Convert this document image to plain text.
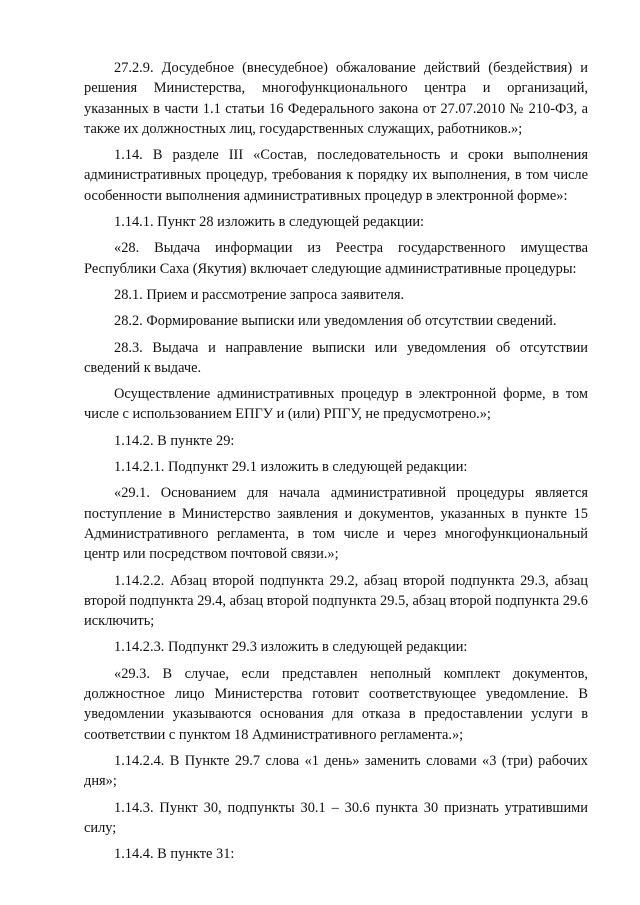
27.2.9. Досудебное (внесудебное) обжалование действий (бездействия) и решения Министерства, многофункционального центра и организаций, указанных в части 1.1 статьи 16 Федерального закона от 27.07.2010 № 210-ФЗ, а также их должностных лиц, государственных служащих, работников.»;

1.14. В разделе III «Состав, последовательность и сроки выполнения административных процедур, требования к порядку их выполнения, в том числе особенности выполнения административных процедур в электронной форме»:

1.14.1. Пункт 28 изложить в следующей редакции:

«28. Выдача информации из Реестра государственного имущества Республики Саха (Якутия) включает следующие административные процедуры:

28.1. Прием и рассмотрение запроса заявителя.

28.2. Формирование выписки или уведомления об отсутствии сведений.

28.3. Выдача и направление выписки или уведомления об отсутствии сведений к выдаче.

Осуществление административных процедур в электронной форме, в том числе с использованием ЕПГУ и (или) РПГУ, не предусмотрено.»;

1.14.2. В пункте 29:

1.14.2.1. Подпункт 29.1 изложить в следующей редакции:

«29.1. Основанием для начала административной процедуры является поступление в Министерство заявления и документов, указанных в пункте 15 Административного регламента, в том числе и через многофункциональный центр или посредством почтовой связи.»;

1.14.2.2. Абзац второй подпункта 29.2, абзац второй подпункта 29.3, абзац второй подпункта 29.4, абзац второй подпункта 29.5, абзац второй подпункта 29.6 исключить;

1.14.2.3. Подпункт 29.3 изложить в следующей редакции:

«29.3. В случае, если представлен неполный комплект документов, должностное лицо Министерства готовит соответствующее уведомление. В уведомлении указываются основания для отказа в предоставлении услуги в соответствии с пунктом 18 Административного регламента.»;

1.14.2.4. В Пункте 29.7 слова «1 день» заменить словами «3 (три) рабочих дня»;

1.14.3. Пункт 30, подпункты 30.1 – 30.6 пункта 30 признать утратившими силу;

1.14.4. В пункте 31:
